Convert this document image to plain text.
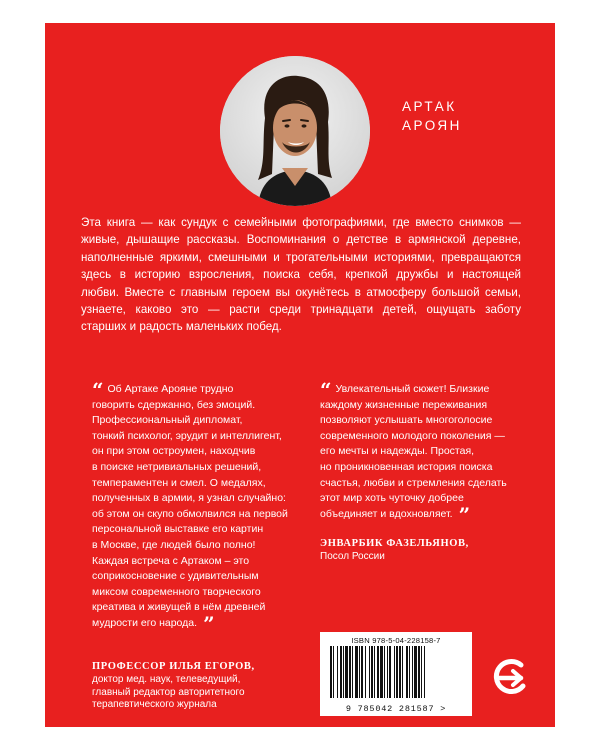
АРТАК
АРОЯН
Эта книга — как сундук с семейными фотографиями, где вместо снимков —
живые, дышащие рассказы. Воспоминания о детстве в армянской деревне,
наполненные яркими, смешными и трогательными историями, превращаются
здесь в историю взросления, поиска себя, крепкой дружбы и настоящей
любви. Вместе с главным героем вы окунётесь в атмосферу большой семьи,
узнаете, каково это — расти среди тринадцати детей, ощущать заботу
старших и радость маленьких побед.
“ Об Артаке Ароянe трудно
говорить сдержанно, без эмоций.
Профессиональный дипломат,
тонкий психолог, эрудит и интеллигент,
он при этом остроумен, находчив
в поиске нетривиальных решений,
темпераментен и смел. О медалях,
полученных в армии, я узнал случайно:
об этом он скупо обмолвился на первой
персональной выставке его картин
в Москве, где людей было полно!
Каждая встреча с Артаком – это
соприкосновение с удивительным
миксом современного творческого
креатива и живущей в нём древней
мудрости его народа. ”
ПРОФЕССОР ИЛЬЯ ЕГОРОВ,
доктор мед. наук, телеведущий,
главный редактор авторитетного
терапевтического журнала
“ Увлекательный сюжет! Близкие
каждому жизненные переживания
позволяют услышать многоголосие
современного молодого поколения —
его мечты и надежды. Простая,
но проникновенная история поиска
счастья, любви и стремления сделать
этот мир хоть чуточку добрее
объединяет и вдохновляет. ”
ЭНВАРБИК ФАЗЕЛЬЯНОВ,
Посол России
ISBN 978-5-04-228158-7
9 785042 281587 >
